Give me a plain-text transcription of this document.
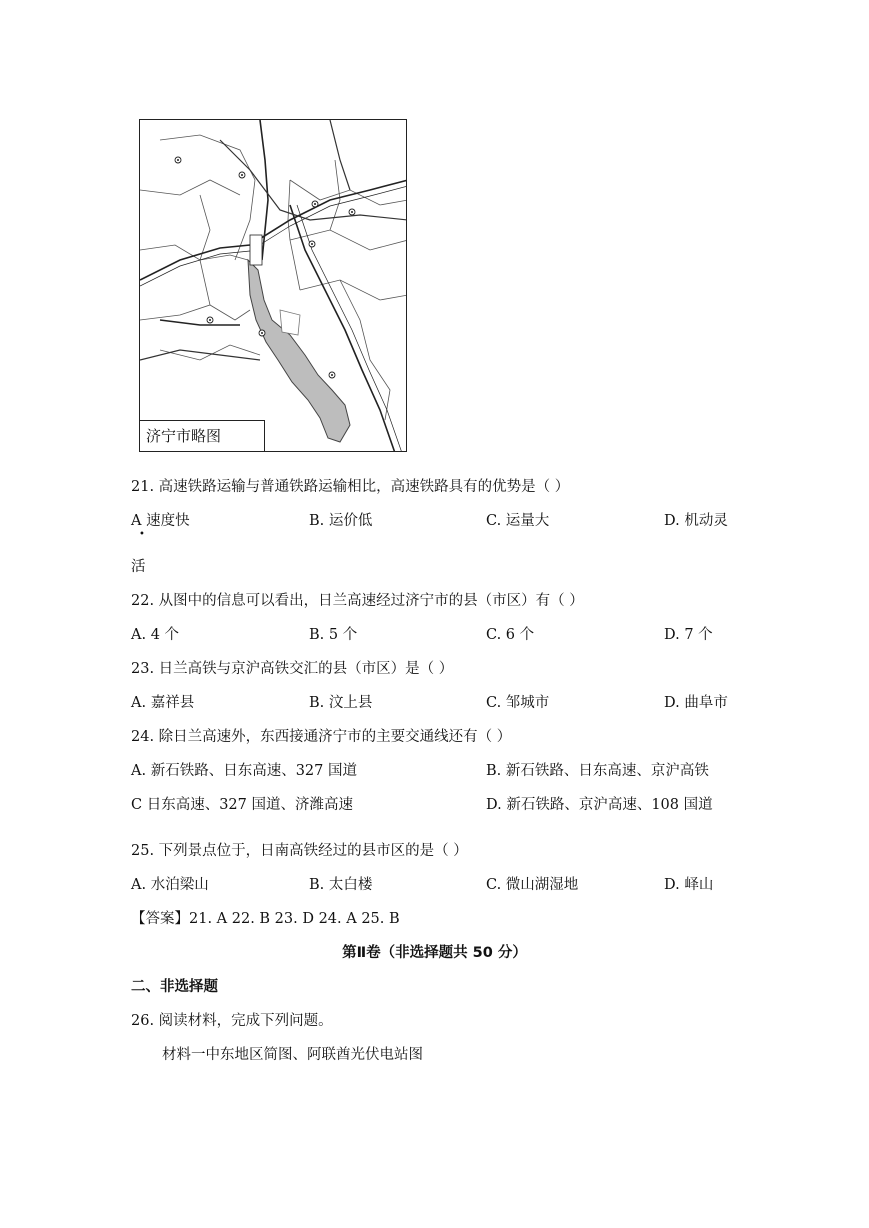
济宁市略图
21. 高速铁路运输与普通铁路运输相比，高速铁路具有的优势是（ ）
A 速度快
•
B. 运价低	C. 运量大	D. 机动灵
活
22. 从图中的信息可以看出，日兰高速经过济宁市的县（市区）有（ ）
A. 4 个	B. 5 个	C. 6 个	D. 7 个
23. 日兰高铁与京沪高铁交汇的县（市区）是（ ）
A. 嘉祥县	B. 汶上县	C. 邹城市	D. 曲阜市
24. 除日兰高速外，东西接通济宁市的主要交通线还有（ ）
A. 新石铁路、日东高速、327 国道	B. 新石铁路、日东高速、京沪高铁
C 日东高速、327 国道、济潍高速	D. 新石铁路、京沪高速、108 国道
25. 下列景点位于，日南高铁经过的县市区的是（ ）
A. 水泊梁山	B. 太白楼	C. 微山湖湿地	D. 峄山
【答案】21. A 22. B 23. D 24. A 25. B
第Ⅱ卷（非选择题共 50 分）
二、非选择题
26. 阅读材料，完成下列问题。
材料一中东地区简图、阿联酋光伏电站图
